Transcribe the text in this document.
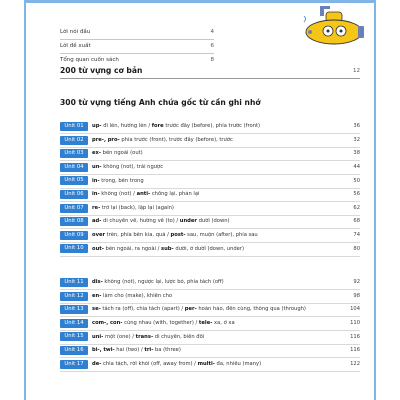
Lời nói đầu	4
Lời đề xuất	6
Tổng quan cuốn sách	8
200 từ vựng cơ bản	12
300 từ vựng tiếng Anh chứa gốc từ cần ghi nhớ
Unit 01	up- đi lên, hướng lên / fore trước đây (before), phía trước (front)	36
Unit 02	pre-, pro- phía trước (front), trước đây (before), trước	32
Unit 03	ex- bên ngoài (out)	38
Unit 04	un- không (not), trái ngược	44
Unit 05	in- trong, bên trong	50
Unit 06	in- không (not) / anti- chống lại, phản lại	56
Unit 07	re- trở lại (back), lặp lại (again)	62
Unit 08	ad- di chuyển về, hướng về (to) / under dưới (down)	68
Unit 09	over trên, phía bên kia, quá / post- sau, muộn (after), phía sau	74
Unit 10	out- bên ngoài, ra ngoài / sub- dưới, ở dưới (down, under)	80
Unit 11	dis- không (not), ngược lại, lược bỏ, phía tách (off)	92
Unit 12	en- làm cho (make), khiến cho	98
Unit 13	se- tách ra (off), chia tách (apart) / per- hoàn hảo, đến cùng, thông qua (through)	104
Unit 14	com-, con- cùng nhau (with, together) / tele- xa, ở xa	110
Unit 15	uni- một (one) / trans- di chuyển, biến đổi	116
Unit 16	bi-, twi- hai (two) / tri- ba (three)	116
Unit 17	de- chia tách, rời khỏi (off, away from) / multi- đa, nhiều (many)	122
